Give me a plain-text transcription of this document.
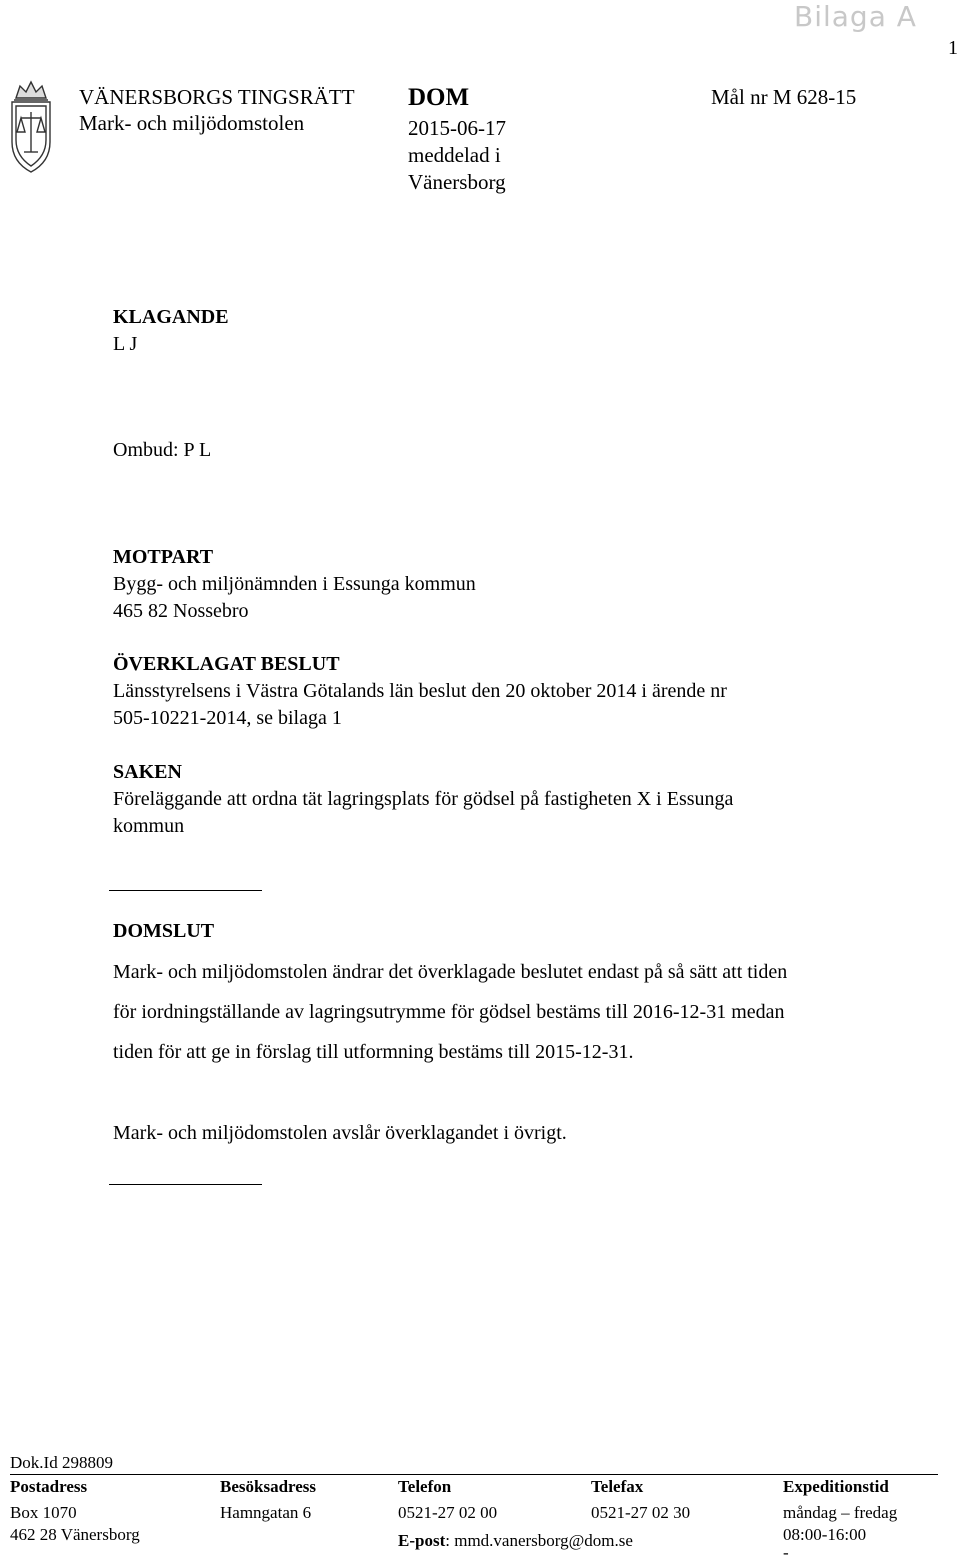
Bilaga A
1
VÄNERSBORGS TINGSRÄTT
Mark- och miljödomstolen
DOM
2015-06-17
meddelad i
Vänersborg
Mål nr M 628-15
KLAGANDE
L J
Ombud: P L
MOTPART
Bygg- och miljönämnden i Essunga kommun
465 82 Nossebro
ÖVERKLAGAT BESLUT
Länsstyrelsens i Västra Götalands län beslut den 20 oktober 2014 i ärende nr
505-10221-2014, se bilaga 1
SAKEN
Föreläggande att ordna tät lagringsplats för gödsel på fastigheten X i Essunga
kommun
DOMSLUT
Mark- och miljödomstolen ändrar det överklagade beslutet endast på så sätt att tiden
för iordningställande av lagringsutrymme för gödsel bestäms till 2016-12-31 medan
tiden för att ge in förslag till utformning bestäms till 2015-12-31.
Mark- och miljödomstolen avslår överklagandet i övrigt.
Dok.Id 298809
Postadress
Box 1070
462 28 Vänersborg
Besöksadress
Hamngatan 6
Telefon
0521-27 02 00
E-post: mmd.vanersborg@dom.se
Telefax
0521-27 02 30
Expeditionstid
måndag – fredag
08:00-16:00
-
